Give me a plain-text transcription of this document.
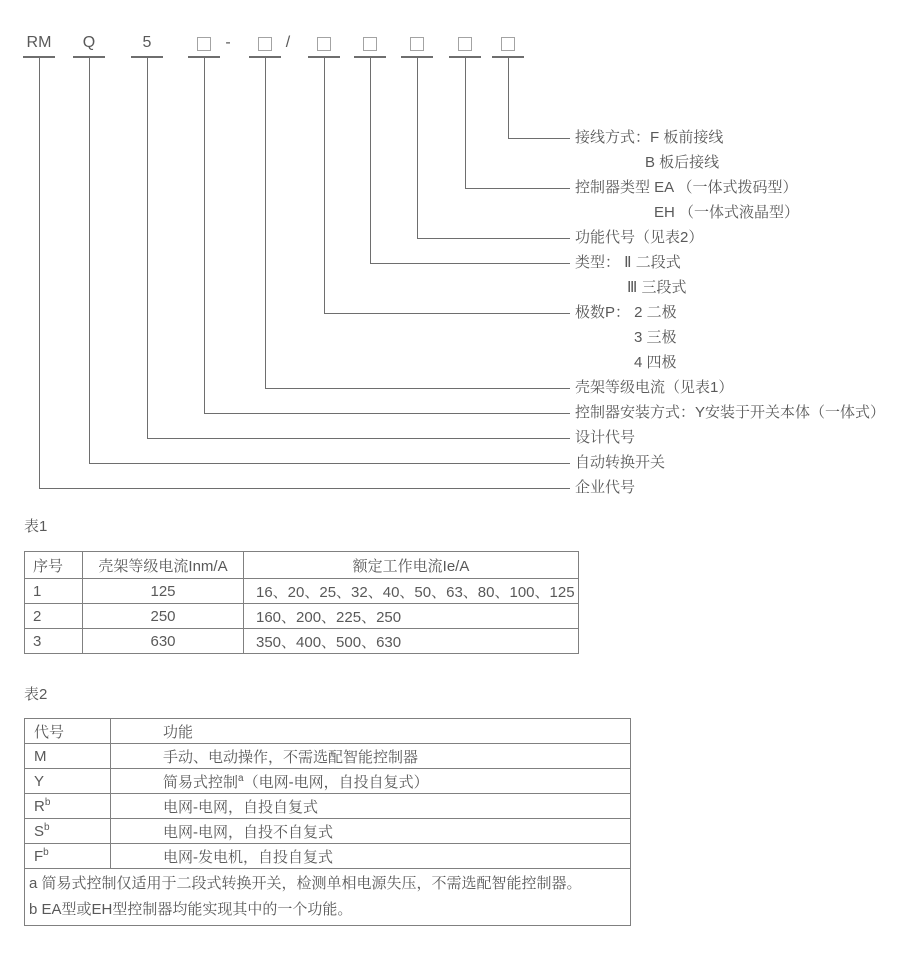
RM Q	5	-	/
接线方式：F 板前接线
B 板后接线
控制器类型 EA （一体式拨码型）
EH （一体式液晶型）
功能代号（见表2）
类型： Ⅱ 二段式
Ⅲ 三段式
极数P： 2 二极
3 三极
4 四极
壳架等级电流（见表1）
控制器安装方式：Y安装于开关本体（一体式）
设计代号
自动转换开关
企业代号
表1
序号	壳架等级电流Inm/A	额定工作电流Ie/A
1	125	16、20、25、32、40、50、63、80、100、125
2	250	160、200、225、250
3	630	350、400、500、630
表2
代号	功能
M	手动、电动操作，不需选配智能控制器
Y	简易式控制$^a$（电网-电网，自投自复式）
$R^b$	电网-电网，自投自复式
$S^b$	电网-电网，自投不自复式
$F^b$	电网-发电机，自投自复式

a 简易式控制仅适用于二段式转换开关，检测单相电源失压，不需选配智能控制器。
b EA型或EH型控制器均能实现其中的一个功能。	
